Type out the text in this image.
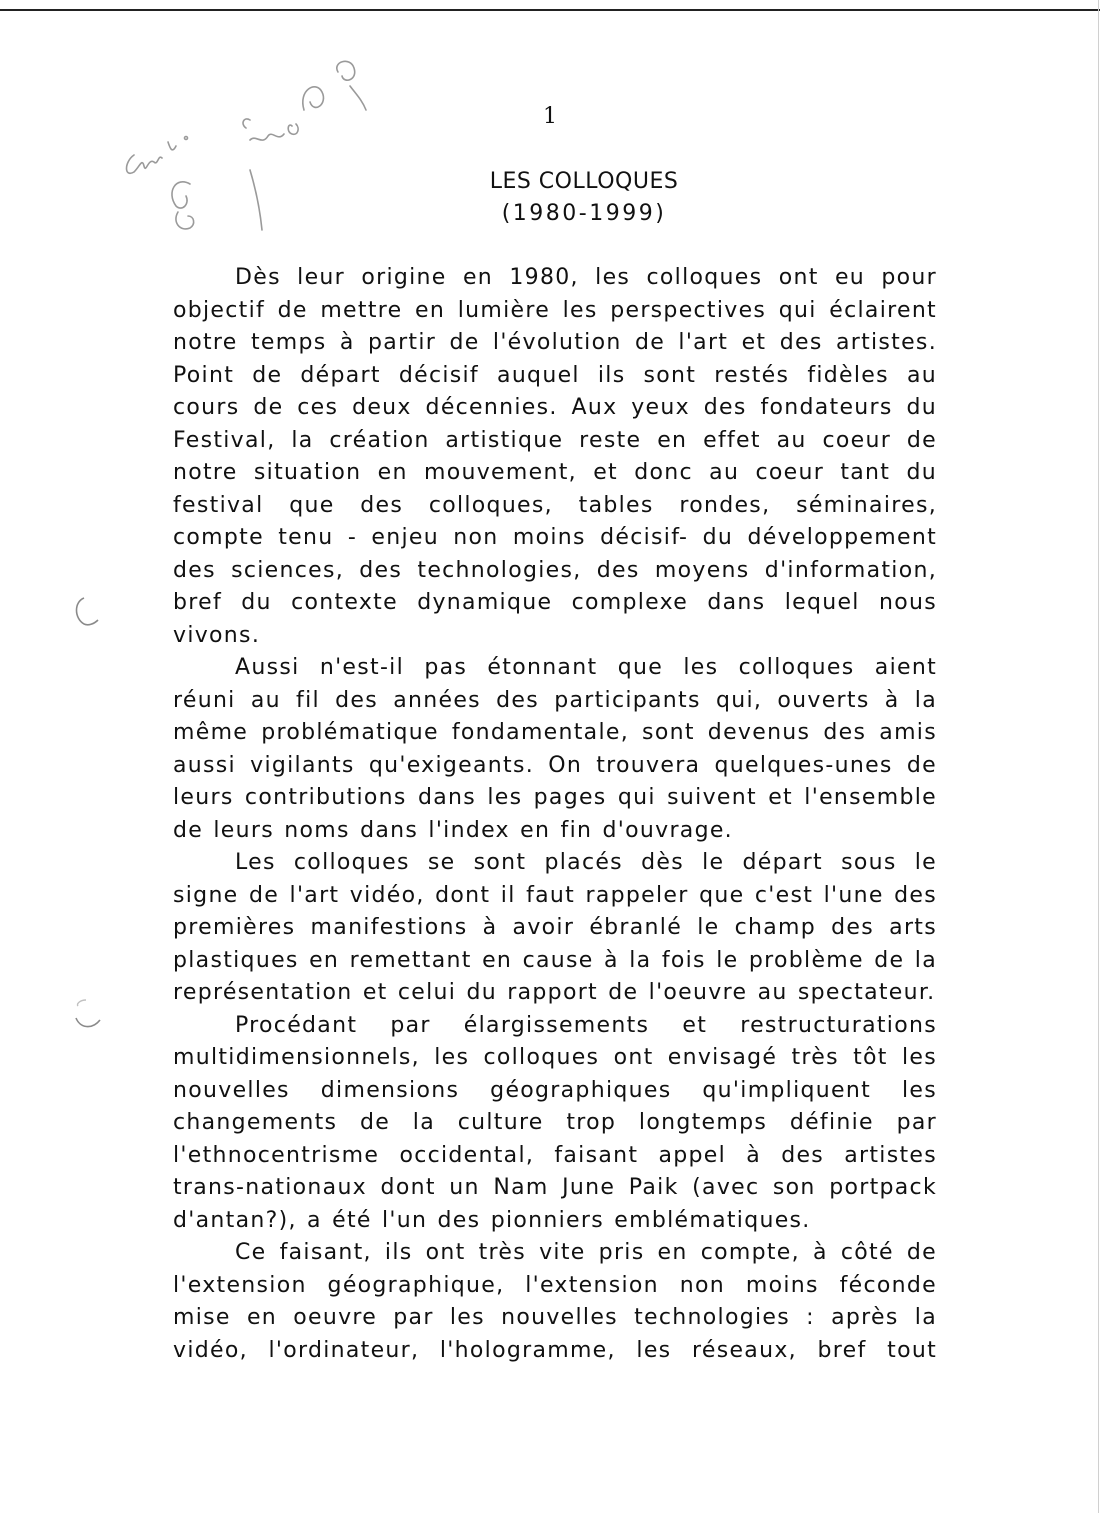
1
LES COLLOQUES
(1980-1999)

Dès leur origine en 1980, les colloques ont eu pour objectif de mettre en lumière les perspectives qui éclairent notre temps à partir de l'évolution de l'art et des artistes. Point de départ décisif auquel ils sont restés fidèles au cours de ces deux décennies. Aux yeux des fondateurs du Festival, la création artistique reste en effet au coeur de notre situation en mouvement, et donc au coeur tant du festival que des colloques, tables rondes, séminaires, compte tenu - enjeu non moins décisif- du développement des sciences, des technologies, des moyens d'information, bref du contexte dynamique complexe dans lequel nous vivons.

Aussi n'est-il pas étonnant que les colloques aient réuni au fil des années des participants qui, ouverts à la même problématique fondamentale, sont devenus des amis aussi vigilants qu'exigeants. On trouvera quelques-unes de leurs contributions dans les pages qui suivent et l'ensemble de leurs noms dans l'index en fin d'ouvrage.

Les colloques se sont placés dès le départ sous le signe de l'art vidéo, dont il faut rappeler que c'est l'une des premières manifestions à avoir ébranlé le champ des arts plastiques en remettant en cause à la fois le problème de la représentation et celui du rapport de l'oeuvre au spectateur.

Procédant par élargissements et restructurations multidimensionnels, les colloques ont envisagé très tôt les nouvelles dimensions géographiques qu'impliquent les changements de la culture trop longtemps définie par l'ethnocentrisme occidental, faisant appel à des artistes trans-nationaux dont un Nam June Paik (avec son portpack d'antan?), a été l'un des pionniers emblématiques.

Ce faisant, ils ont très vite pris en compte, à côté de l'extension géographique, l'extension non moins féconde mise en oeuvre par les nouvelles technologies : après la vidéo, l'ordinateur, l'hologramme, les réseaux, bref tout
